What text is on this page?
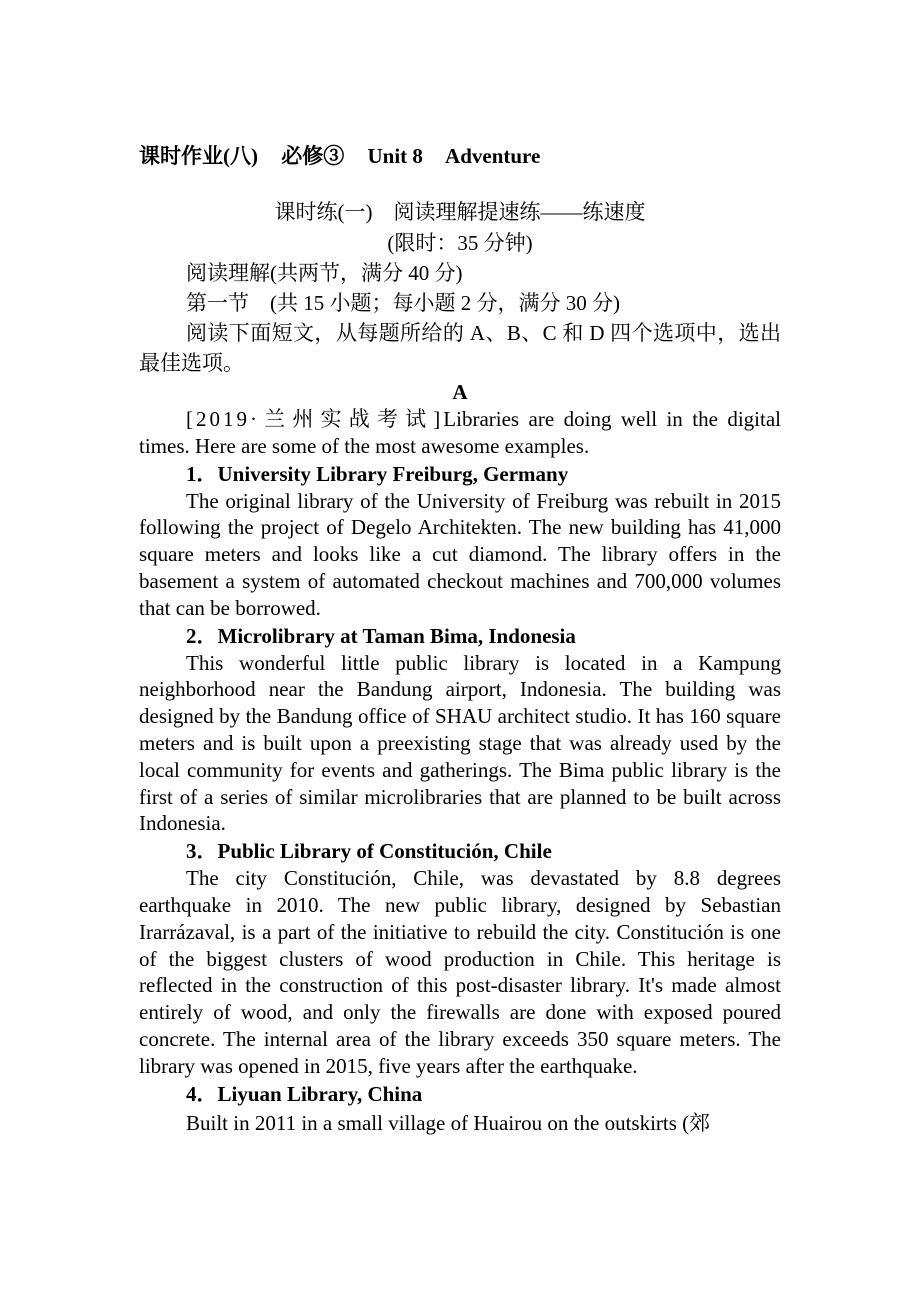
课时作业(八) 必修③ Unit 8 Adventure
课时练(一)　阅读理解提速练——练速度
(限时：35 分钟)
阅读理解(共两节，满分 40 分)
第一节　(共 15 小题；每小题 2 分，满分 30 分)

阅读下面短文，从每题所给的 A、B、C 和 D 四个选项中，选出最佳选项。

A

[2019·兰州实战考试]Libraries are doing well in the digital times. Here are some of the most awesome examples.

1．University Library Freiburg, Germany

The original library of the University of Freiburg was rebuilt in 2015 following the project of Degelo Architekten. The new building has 41,000 square meters and looks like a cut diamond. The library offers in the basement a system of automated checkout machines and 700,000 volumes that can be borrowed.

2．Microlibrary at Taman Bima, Indonesia

This wonderful little public library is located in a Kampung neighborhood near the Bandung airport, Indonesia. The building was designed by the Bandung office of SHAU architect studio. It has 160 square meters and is built upon a preexisting stage that was already used by the local community for events and gatherings. The Bima public library is the first of a series of similar microlibraries that are planned to be built across Indonesia.

3．Public Library of Constitución, Chile

The city Constitución, Chile, was devastated by 8.8 degrees earthquake in 2010. The new public library, designed by Sebastian Irarrázaval, is a part of the initiative to rebuild the city. Constitución is one of the biggest clusters of wood production in Chile. This heritage is reflected in the construction of this post-disaster library. It's made almost entirely of wood, and only the firewalls are done with exposed poured concrete. The internal area of the library exceeds 350 square meters. The library was opened in 2015, five years after the earthquake.

4．Liyuan Library, China

Built in 2011 in a small village of Huairou on the outskirts (郊
